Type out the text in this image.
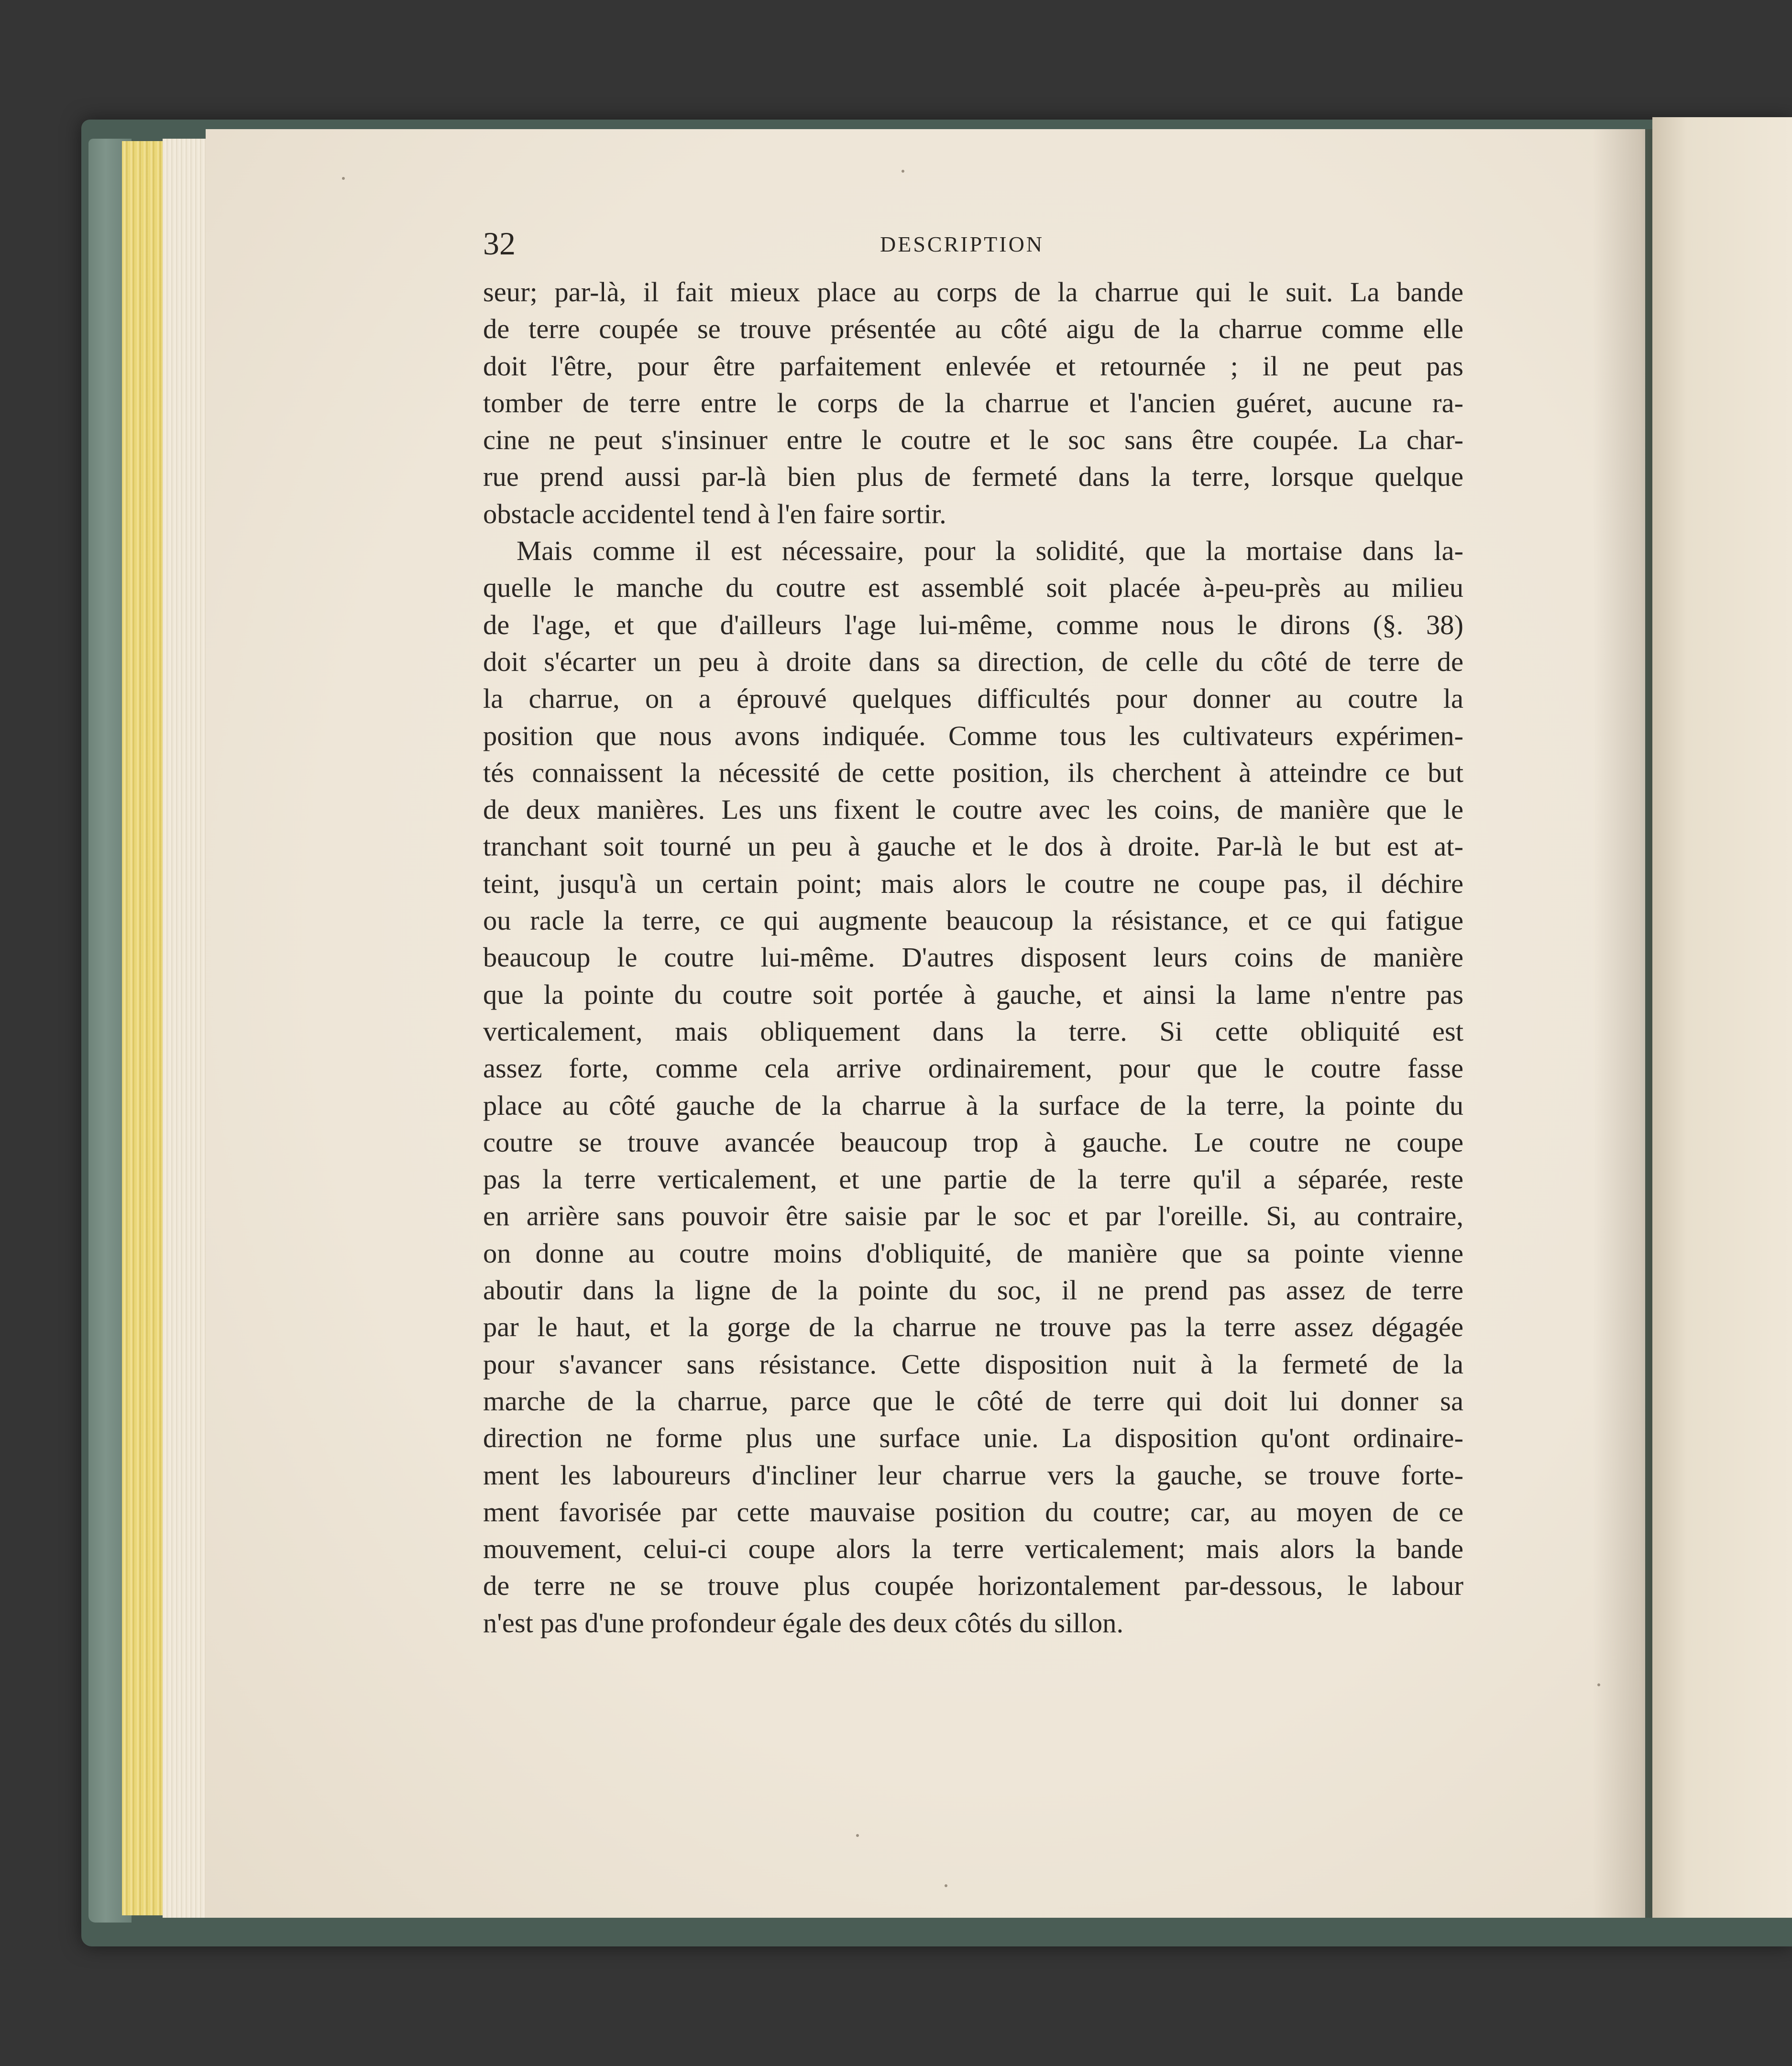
32	DESCRIPTION
seur; par-là, il fait mieux place au corps de la charrue qui le suit. La bande
de terre coupée se trouve présentée au côté aigu de la charrue comme elle
doit l'être, pour être parfaitement enlevée et retournée ; il ne peut pas
tomber de terre entre le corps de la charrue et l'ancien guéret, aucune ra-
cine ne peut s'insinuer entre le coutre et le soc sans être coupée. La char-
rue prend aussi par-là bien plus de fermeté dans la terre, lorsque quelque
obstacle accidentel tend à l'en faire sortir.
Mais comme il est nécessaire, pour la solidité, que la mortaise dans la-
quelle le manche du coutre est assemblé soit placée à-peu-près au milieu
de l'age, et que d'ailleurs l'age lui-même, comme nous le dirons (§. 38)
doit s'écarter un peu à droite dans sa direction, de celle du côté de terre de
la charrue, on a éprouvé quelques difficultés pour donner au coutre la
position que nous avons indiquée. Comme tous les cultivateurs expérimen-
tés connaissent la nécessité de cette position, ils cherchent à atteindre ce but
de deux manières. Les uns fixent le coutre avec les coins, de manière que le
tranchant soit tourné un peu à gauche et le dos à droite. Par-là le but est at-
teint, jusqu'à un certain point; mais alors le coutre ne coupe pas, il déchire
ou racle la terre, ce qui augmente beaucoup la résistance, et ce qui fatigue
beaucoup le coutre lui-même. D'autres disposent leurs coins de manière
que la pointe du coutre soit portée à gauche, et ainsi la lame n'entre pas
verticalement, mais obliquement dans la terre. Si cette obliquité est
assez forte, comme cela arrive ordinairement, pour que le coutre fasse
place au côté gauche de la charrue à la surface de la terre, la pointe du
coutre se trouve avancée beaucoup trop à gauche. Le coutre ne coupe
pas la terre verticalement, et une partie de la terre qu'il a séparée, reste
en arrière sans pouvoir être saisie par le soc et par l'oreille. Si, au contraire,
on donne au coutre moins d'obliquité, de manière que sa pointe vienne
aboutir dans la ligne de la pointe du soc, il ne prend pas assez de terre
par le haut, et la gorge de la charrue ne trouve pas la terre assez dégagée
pour s'avancer sans résistance. Cette disposition nuit à la fermeté de la
marche de la charrue, parce que le côté de terre qui doit lui donner sa
direction ne forme plus une surface unie. La disposition qu'ont ordinaire-
ment les laboureurs d'incliner leur charrue vers la gauche, se trouve forte-
ment favorisée par cette mauvaise position du coutre; car, au moyen de ce
mouvement, celui-ci coupe alors la terre verticalement; mais alors la bande
de terre ne se trouve plus coupée horizontalement par-dessous, le labour
n'est pas d'une profondeur égale des deux côtés du sillon.
